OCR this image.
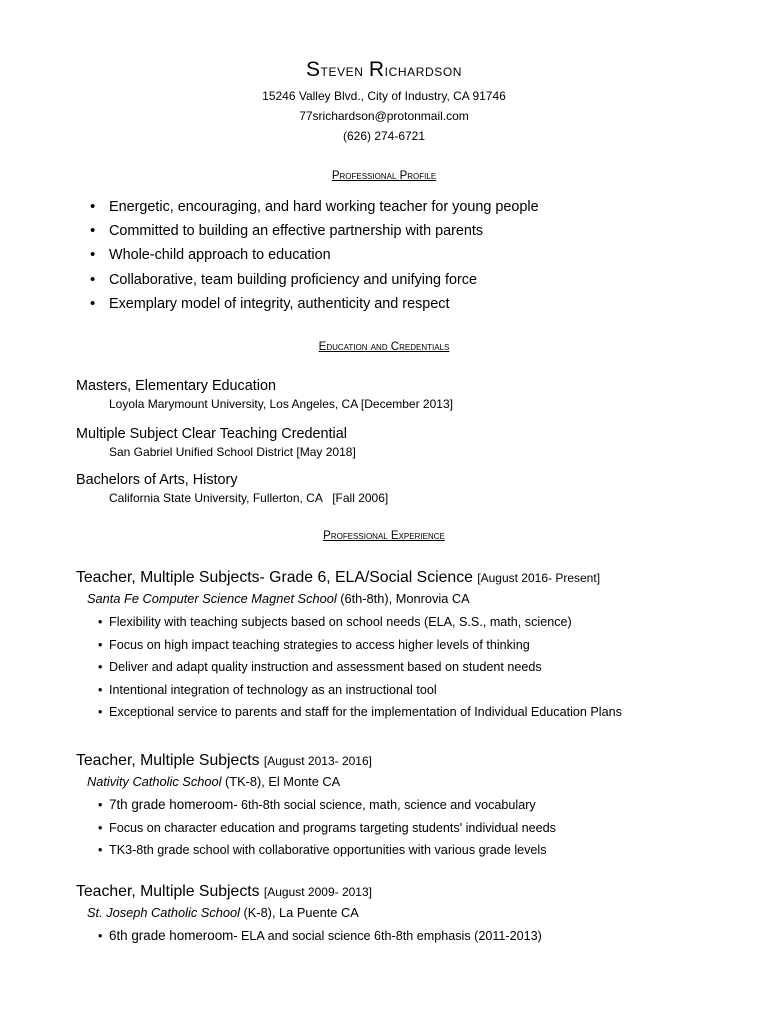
Steven Richardson
15246 Valley Blvd., City of Industry, CA 91746
77srichardson@protonmail.com
(626) 274-6721
Professional Profile
• Energetic, encouraging, and hard working teacher for young people
• Committed to building an effective partnership with parents
• Whole-child approach to education
• Collaborative, team building proficiency and unifying force
• Exemplary model of integrity, authenticity and respect
Education and Credentials
Masters, Elementary Education
Loyola Marymount University, Los Angeles, CA [December 2013]
Multiple Subject Clear Teaching Credential
San Gabriel Unified School District [May 2018]
Bachelors of Arts, History
California State University, Fullerton, CA   [Fall 2006]
Professional Experience
Teacher, Multiple Subjects- Grade 6, ELA/Social Science [August 2016- Present]
Santa Fe Computer Science Magnet School (6th-8th), Monrovia CA
• Flexibility with teaching subjects based on school needs (ELA, S.S., math, science)
• Focus on high impact teaching strategies to access higher levels of thinking
• Deliver and adapt quality instruction and assessment based on student needs
• Intentional integration of technology as an instructional tool
• Exceptional service to parents and staff for the implementation of Individual Education Plans
Teacher, Multiple Subjects [August 2013- 2016]
Nativity Catholic School (TK-8), El Monte CA
• 7th grade homeroom- 6th-8th social science, math, science and vocabulary
• Focus on character education and programs targeting students' individual needs
• TK3-8th grade school with collaborative opportunities with various grade levels
Teacher, Multiple Subjects [August 2009- 2013]
St. Joseph Catholic School (K-8), La Puente CA
• 6th grade homeroom- ELA and social science 6th-8th emphasis (2011-2013)
